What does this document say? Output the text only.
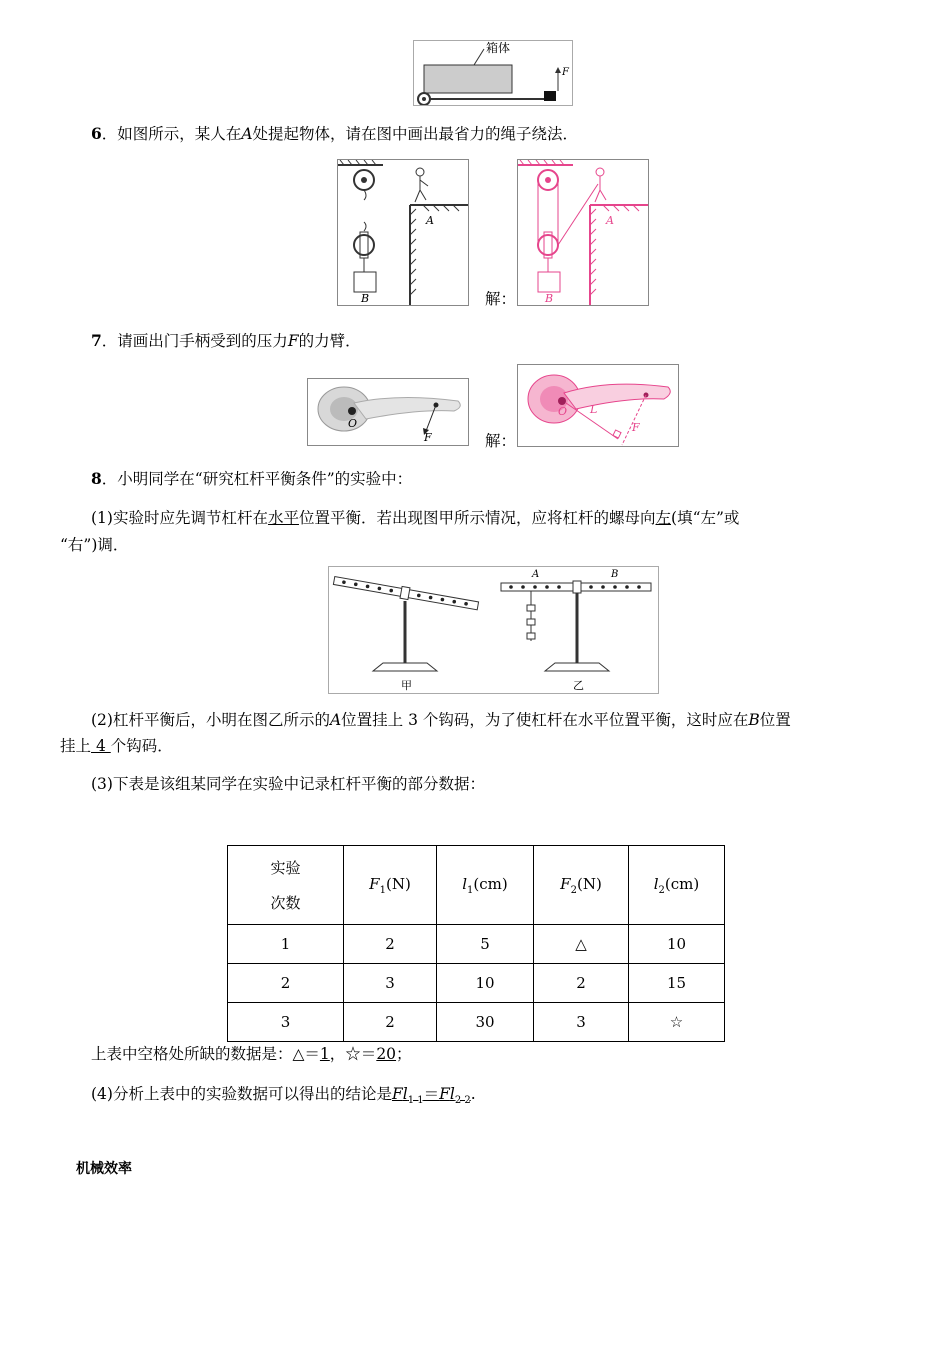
箱体
F
6．如图所示，某人在A处提起物体，请在图中画出最省力的绳子绕法．
A
B	解：
A
B
7．请画出门手柄受到的压力F的力臂．
O
F	解：
O L
F
8．小明同学在“研究杠杆平衡条件”的实验中：
(1)实验时应先调节杠杆在水平位置平衡．若出现图甲所示情况，应将杠杆的螺母向左(填“左”或
“右”)调．
A	B
甲	乙
(2)杠杆平衡后，小明在图乙所示的A位置挂上 3 个钩码，为了使杠杆在水平位置平衡，这时应在B位置
挂上 4 个钩码．
(3)下表是该组某同学在实验中记录杠杆平衡的部分数据：
实验
次数	$F_1(N)$	$l_1(cm)$	$F_2(N)$	$l_2(cm)$
1	2	5	△	10
2	3	10	2	15
3	2	30	3	☆
上表中空格处所缺的数据是：△＝1，☆＝20；
(4)分析上表中的实验数据可以得出的结论是$Fl_{1 1}=Fl_{2 2}$.
机械效率
